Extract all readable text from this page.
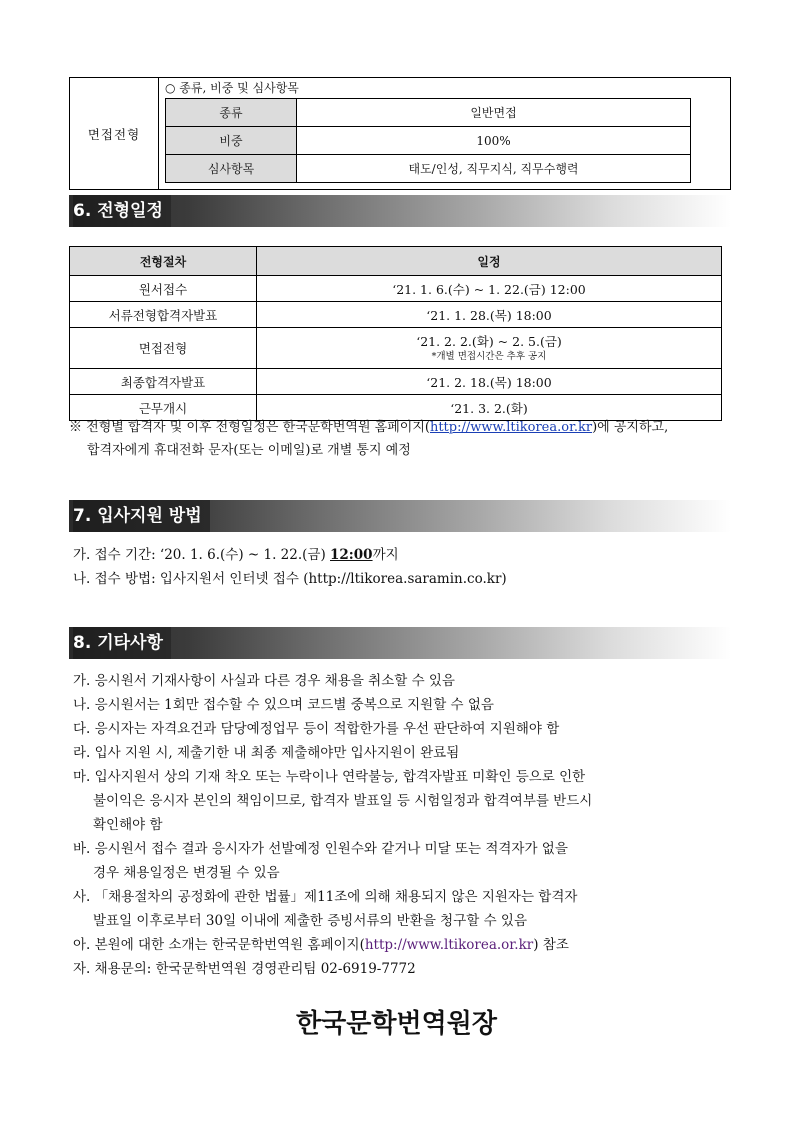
면접전형	
○ 종류, 비중 및 심사항목
종류	일반면접
비중	100%
심사항목	태도/인성, 직무지식, 직무수행력
6. 전형일정
전형절차	일정
원서접수	‘21. 1. 6.(수) ~ 1. 22.(금) 12:00
서류전형합격자발표	‘21. 1. 28.(목) 18:00
면접전형	‘21. 2. 2.(화) ~ 2. 5.(금)
*개별 면접시간은 추후 공지

최종합격자발표	‘21. 2. 18.(목) 18:00
근무개시	‘21. 3. 2.(화)
※ 전형별 합격자 및 이후 전형일정은 한국문학번역원 홈페이지(http://www.ltikorea.or.kr)에 공지하고,
합격자에게 휴대전화 문자(또는 이메일)로 개별 통지 예정
7. 입사지원 방법
가. 접수 기간: ‘20. 1. 6.(수) ~ 1. 22.(금) 12:00까지
나. 접수 방법: 입사지원서 인터넷 접수 (http://ltikorea.saramin.co.kr)
8. 기타사항
가. 응시원서 기재사항이 사실과 다른 경우 채용을 취소할 수 있음
나. 응시원서는 1회만 접수할 수 있으며 코드별 중복으로 지원할 수 없음
다. 응시자는 자격요건과 담당예정업무 등이 적합한가를 우선 판단하여 지원해야 함
라. 입사 지원 시, 제출기한 내 최종 제출해야만 입사지원이 완료됨
마. 입사지원서 상의 기재 착오 또는 누락이나 연락불능, 합격자발표 미확인 등으로 인한
불이익은 응시자 본인의 책임이므로, 합격자 발표일 등 시험일정과 합격여부를 반드시
확인해야 함
바. 응시원서 접수 결과 응시자가 선발예정 인원수와 같거나 미달 또는 적격자가 없을
경우 채용일정은 변경될 수 있음
사. 「채용절차의 공정화에 관한 법률」제11조에 의해 채용되지 않은 지원자는 합격자
발표일 이후로부터 30일 이내에 제출한 증빙서류의 반환을 청구할 수 있음
아. 본원에 대한 소개는 한국문학번역원 홈페이지(http://www.ltikorea.or.kr) 참조
자. 채용문의: 한국문학번역원 경영관리팀 02-6919-7772
한국문학번역원장
